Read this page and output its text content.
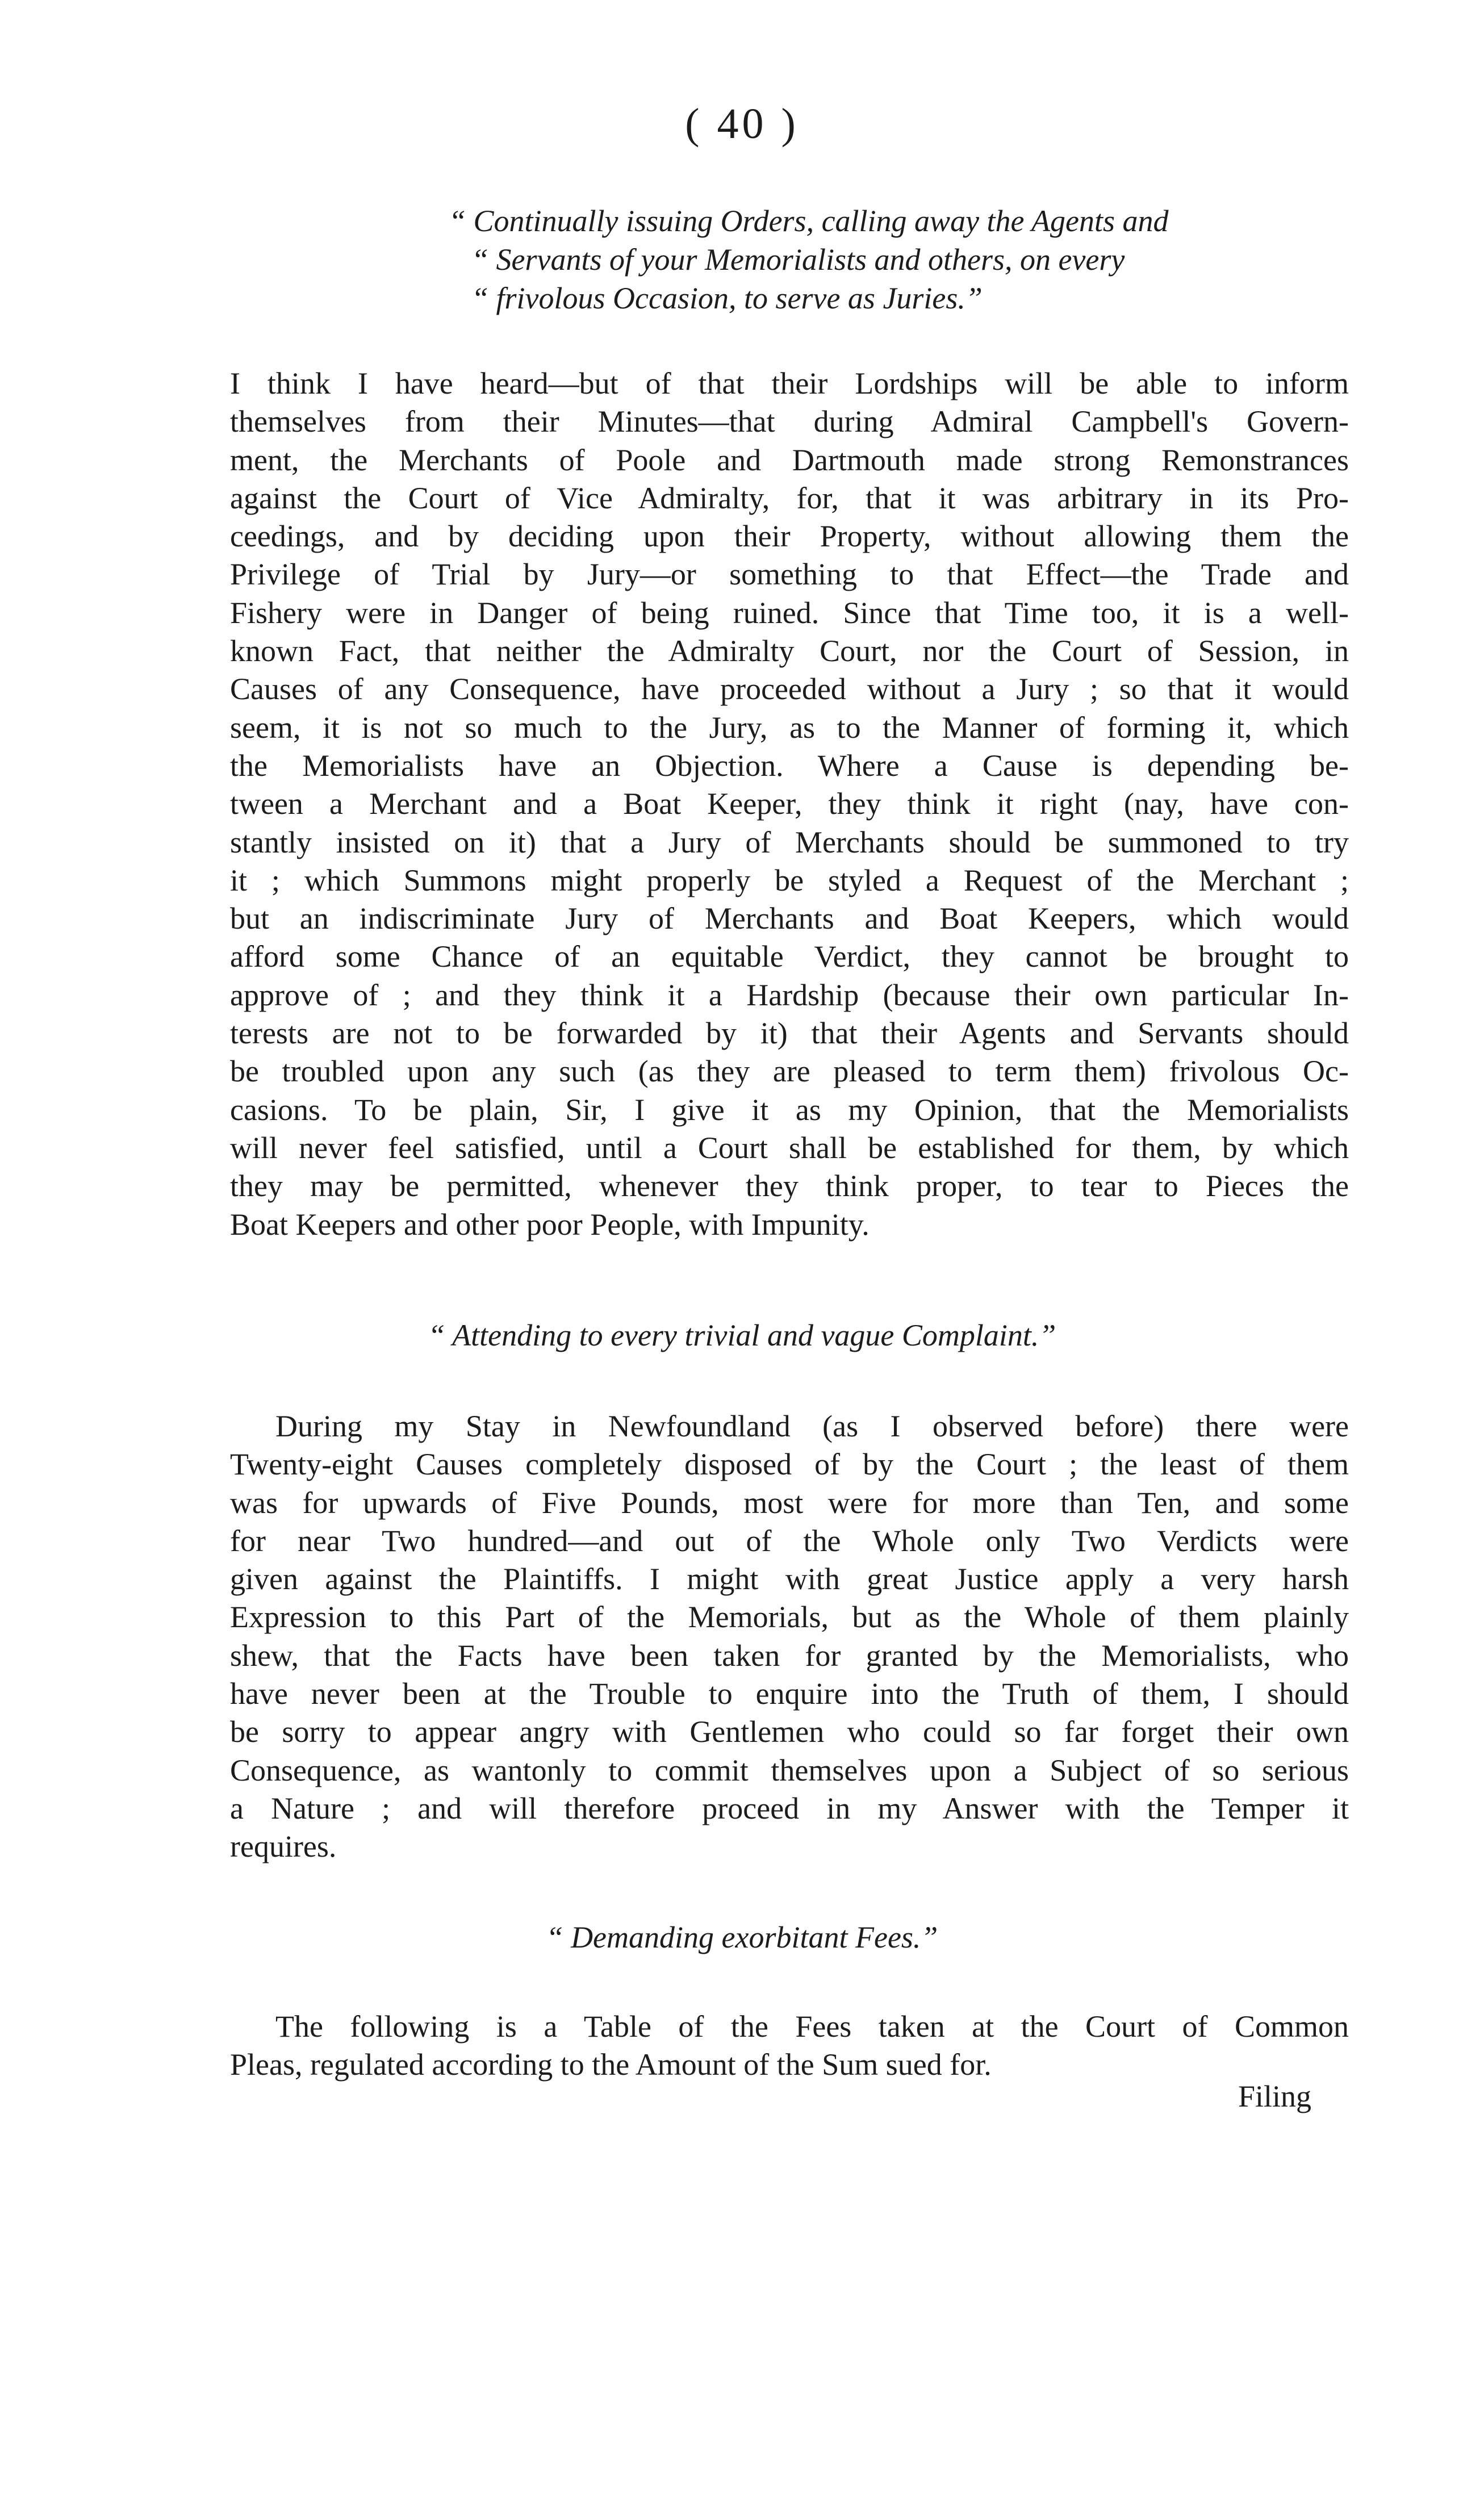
( 40 )
“ Continually issuing Orders, calling away the Agents and
“ Servants of your Memorialists and others, on every
“ frivolous Occasion, to serve as Juries.”
I think I have heard—but of that their Lordships will be able to inform
themselves from their Minutes—that during Admiral Campbell's Govern-
ment, the Merchants of Poole and Dartmouth made strong Remonstrances
against the Court of Vice Admiralty, for, that it was arbitrary in its Pro-
ceedings, and by deciding upon their Property, without allowing them the
Privilege of Trial by Jury—or something to that Effect—the Trade and
Fishery were in Danger of being ruined. Since that Time too, it is a well-
known Fact, that neither the Admiralty Court, nor the Court of Session, in
Causes of any Consequence, have proceeded without a Jury ; so that it would
seem, it is not so much to the Jury, as to the Manner of forming it, which
the Memorialists have an Objection. Where a Cause is depending be-
tween a Merchant and a Boat Keeper, they think it right (nay, have con-
stantly insisted on it) that a Jury of Merchants should be summoned to try
it ; which Summons might properly be styled a Request of the Merchant ;
but an indiscriminate Jury of Merchants and Boat Keepers, which would
afford some Chance of an equitable Verdict, they cannot be brought to
approve of ; and they think it a Hardship (because their own particular In-
terests are not to be forwarded by it) that their Agents and Servants should
be troubled upon any such (as they are pleased to term them) frivolous Oc-
casions. To be plain, Sir, I give it as my Opinion, that the Memorialists
will never feel satisfied, until a Court shall be established for them, by which
they may be permitted, whenever they think proper, to tear to Pieces the
Boat Keepers and other poor People, with Impunity.
“ Attending to every trivial and vague Complaint.”
During my Stay in Newfoundland (as I observed before) there were
Twenty-eight Causes completely disposed of by the Court ; the least of them
was for upwards of Five Pounds, most were for more than Ten, and some
for near Two hundred—and out of the Whole only Two Verdicts were
given against the Plaintiffs. I might with great Justice apply a very harsh
Expression to this Part of the Memorials, but as the Whole of them plainly
shew, that the Facts have been taken for granted by the Memorialists, who
have never been at the Trouble to enquire into the Truth of them, I should
be sorry to appear angry with Gentlemen who could so far forget their own
Consequence, as wantonly to commit themselves upon a Subject of so serious
a Nature ; and will therefore proceed in my Answer with the Temper it
requires.
“ Demanding exorbitant Fees.”
The following is a Table of the Fees taken at the Court of Common
Pleas, regulated according to the Amount of the Sum sued for.
Filing
